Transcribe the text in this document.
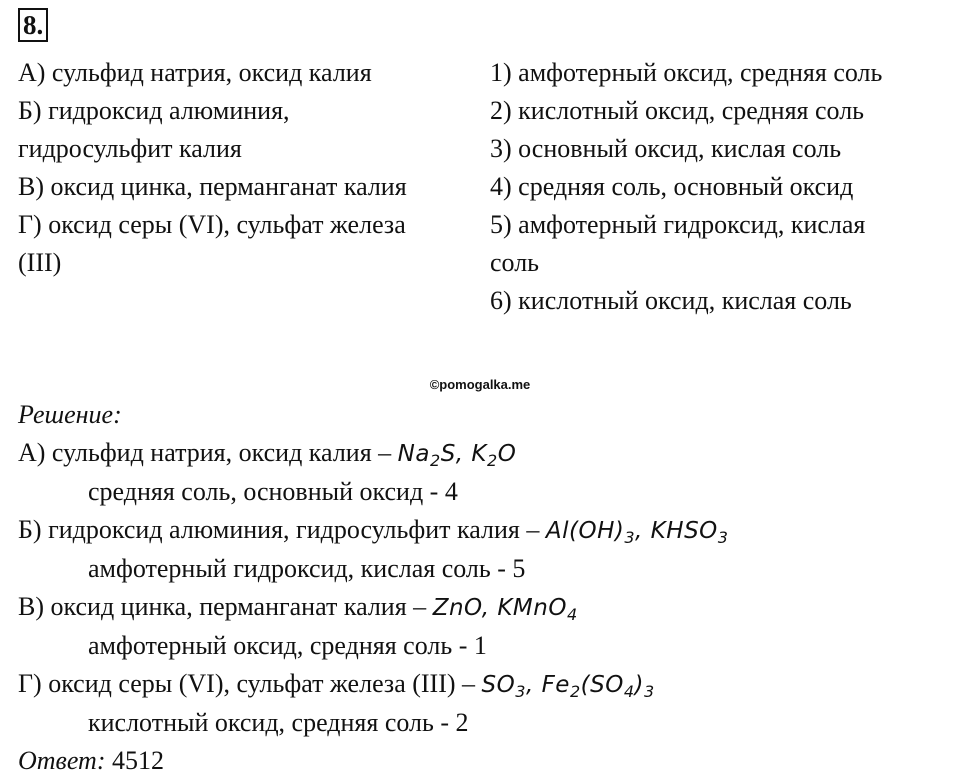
8.
А) сульфид натрия, оксид калия
Б) гидроксид алюминия,
гидросульфит калия
В) оксид цинка, перманганат калия
Г) оксид серы (VI), сульфат железа
(III)
1) амфотерный оксид, средняя соль
2) кислотный оксид, средняя соль
3) основный оксид, кислая соль
4) средняя соль, основный оксид
5) амфотерный гидроксид, кислая
соль
6) кислотный оксид, кислая соль
©pomogalka.me
Решение:
А) сульфид натрия, оксид калия – $Na_2S$, $K_2O$
средняя соль, основный оксид - 4
Б) гидроксид алюминия, гидросульфит калия – $Al(OH)_3$, $KHSO_3$
амфотерный гидроксид, кислая соль - 5
В) оксид цинка, перманганат калия – ZnO, KMnO$_4$
амфотерный оксид, средняя соль - 1
Г) оксид серы (VI), сульфат железа $(III) - SO_3$, $Fe_2(SO_4)_3$
кислотный оксид, средняя соль - 2
Ответ: 4512
